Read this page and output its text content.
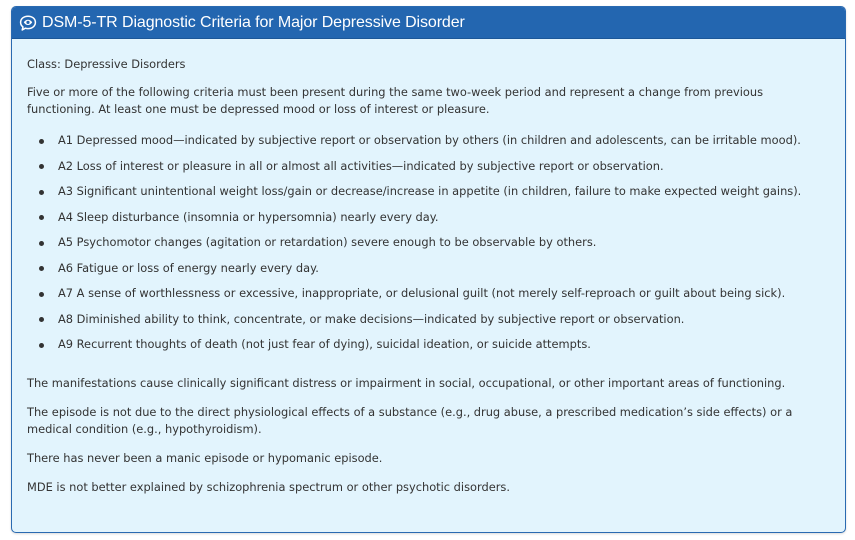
DSM-5-TR Diagnostic Criteria for Major Depressive Disorder

Class: Depressive Disorders

Five or more of the following criteria must been present during the same two-week period and represent a change from previous functioning. At least one must be depressed mood or loss of interest or pleasure.

A1 Depressed mood—indicated by subjective report or observation by others (in children and adolescents, can be irritable mood).
A2 Loss of interest or pleasure in all or almost all activities—indicated by subjective report or observation.
A3 Significant unintentional weight loss/gain or decrease/increase in appetite (in children, failure to make expected weight gains).
A4 Sleep disturbance (insomnia or hypersomnia) nearly every day.
A5 Psychomotor changes (agitation or retardation) severe enough to be observable by others.
A6 Fatigue or loss of energy nearly every day.
A7 A sense of worthlessness or excessive, inappropriate, or delusional guilt (not merely self-reproach or guilt about being sick).
A8 Diminished ability to think, concentrate, or make decisions—indicated by subjective report or observation.
A9 Recurrent thoughts of death (not just fear of dying), suicidal ideation, or suicide attempts.

The manifestations cause clinically significant distress or impairment in social, occupational, or other important areas of functioning.

The episode is not due to the direct physiological effects of a substance (e.g., drug abuse, a prescribed medication’s side effects) or a medical condition (e.g., hypothyroidism).

There has never been a manic episode or hypomanic episode.

MDE is not better explained by schizophrenia spectrum or other psychotic disorders.
